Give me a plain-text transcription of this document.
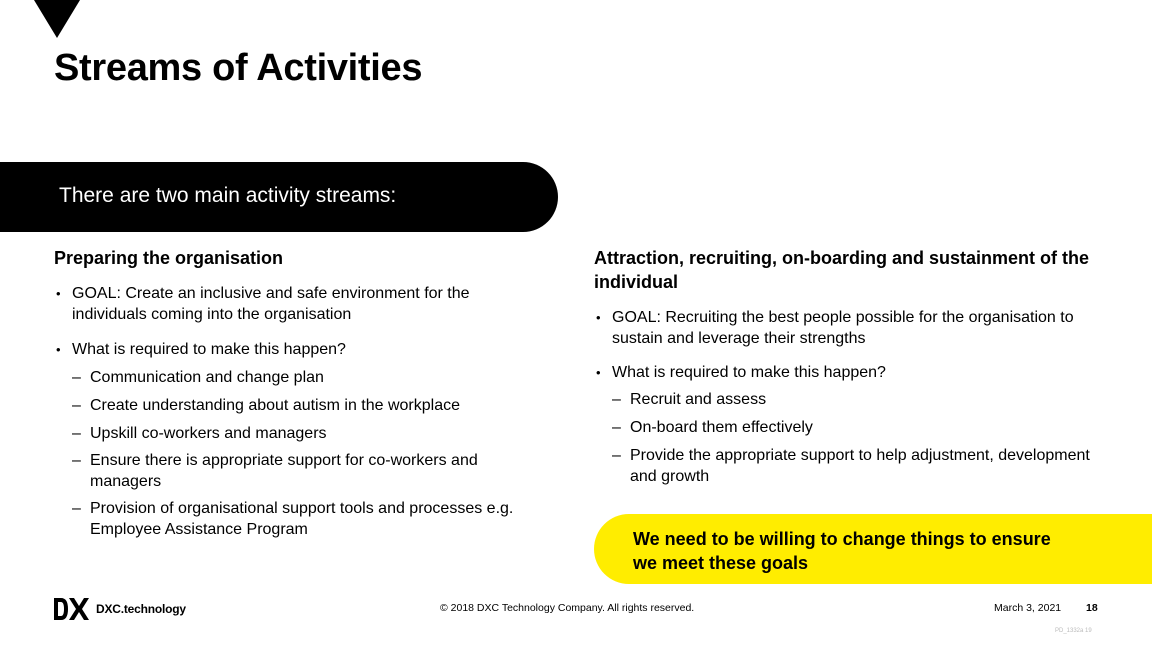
Streams of Activities
There are two main activity streams:
Preparing the organisation
• GOAL: Create an inclusive and safe environment for the individuals coming into the organisation
• What is required to make this happen?
– Communication and change plan
– Create understanding about autism in the workplace
– Upskill co-workers and managers
– Ensure there is appropriate support for co-workers and managers
– Provision of organisational support tools and processes e.g. Employee Assistance Program
Attraction, recruiting, on-boarding and sustainment of the individual
• GOAL: Recruiting the best people possible for the organisation to sustain and leverage their strengths
• What is required to make this happen?
– Recruit and assess
– On-board them effectively
– Provide the appropriate support to help adjustment, development and growth
We need to be willing to change things to ensure we meet these goals
DXC.technology	© 2018 DXC Technology Company. All rights reserved.	March 3, 2021 18
PD_1332a 19
